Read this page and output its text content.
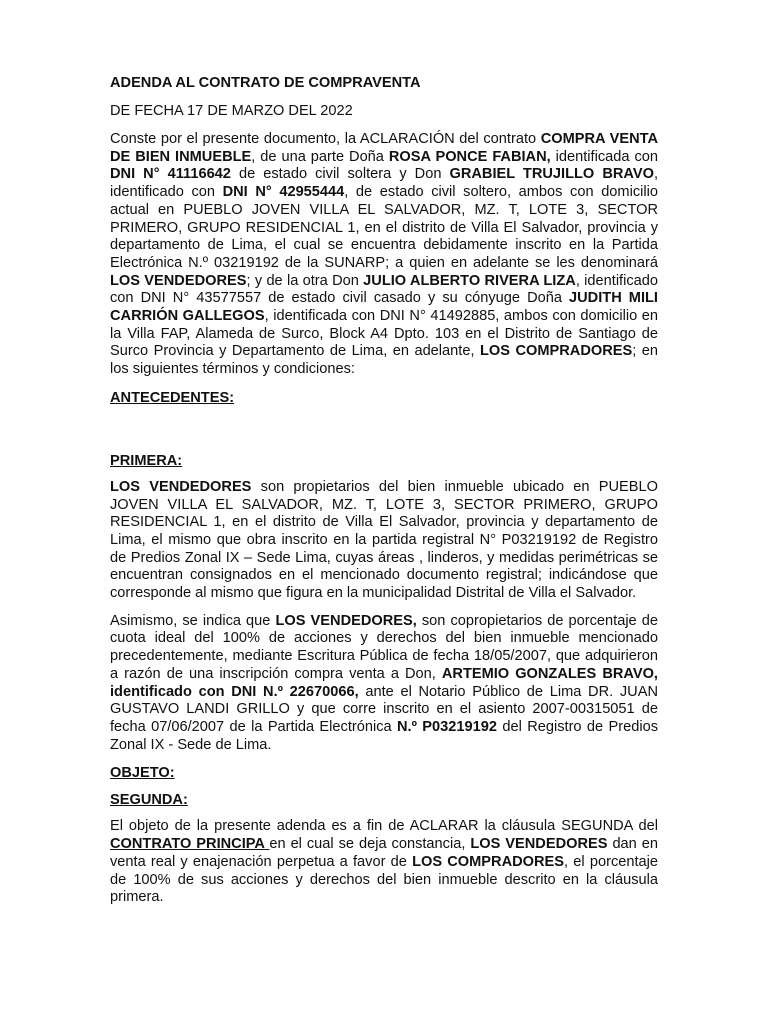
ADENDA AL CONTRATO DE COMPRAVENTA
DE FECHA 17 DE MARZO DEL 2022

Conste por el presente documento, la ACLARACIÓN del contrato COMPRA VENTA DE BIEN INMUEBLE, de una parte Doña ROSA PONCE FABIAN, identificada con DNI N° 41116642 de estado civil soltera y Don GRABIEL TRUJILLO BRAVO, identificado con DNI N° 42955444, de estado civil soltero, ambos con domicilio actual en PUEBLO JOVEN VILLA EL SALVADOR, MZ. T, LOTE 3, SECTOR PRIMERO, GRUPO RESIDENCIAL 1, en el distrito de Villa El Salvador, provincia y departamento de Lima, el cual se encuentra debidamente inscrito en la Partida Electrónica N.º 03219192 de la SUNARP; a quien en adelante se les denominará LOS VENDEDORES; y de la otra Don JULIO ALBERTO RIVERA LIZA, identificado con DNI N° 43577557 de estado civil casado y su cónyuge Doña JUDITH MILI CARRIÓN GALLEGOS, identificada con DNI N° 41492885, ambos con domicilio en la Villa FAP, Alameda de Surco, Block A4 Dpto. 103 en el Distrito de Santiago de Surco Provincia y Departamento de Lima, en adelante, LOS COMPRADORES; en los siguientes términos y condiciones:

ANTECEDENTES:
PRIMERA:

LOS VENDEDORES son propietarios del bien inmueble ubicado en PUEBLO JOVEN VILLA EL SALVADOR, MZ. T, LOTE 3, SECTOR PRIMERO, GRUPO RESIDENCIAL 1, en el distrito de Villa El Salvador, provincia y departamento de Lima, el mismo que obra inscrito en la partida registral N° P03219192 de Registro de Predios Zonal IX – Sede Lima, cuyas áreas , linderos, y medidas perimétricas se encuentran consignados en el mencionado documento registral; indicándose que corresponde al mismo que figura en la municipalidad Distrital de Villa el Salvador.

Asimismo, se indica que LOS VENDEDORES, son copropietarios de porcentaje de cuota ideal del 100% de acciones y derechos del bien inmueble mencionado precedentemente, mediante Escritura Pública de fecha 18/05/2007, que adquirieron a razón de una inscripción compra venta a Don, ARTEMIO GONZALES BRAVO, identificado con DNI N.º 22670066, ante el Notario Público de Lima DR. JUAN GUSTAVO LANDI GRILLO y que corre inscrito en el asiento 2007-00315051 de fecha 07/06/2007 de la Partida Electrónica N.º P03219192 del Registro de Predios Zonal IX - Sede de Lima.

OBJETO:
SEGUNDA:

El objeto de la presente adenda es a fin de ACLARAR la cláusula SEGUNDA del CONTRATO PRINCIPA en el cual se deja constancia, LOS VENDEDORES dan en venta real y enajenación perpetua a favor de LOS COMPRADORES, el porcentaje de 100% de sus acciones y derechos del bien inmueble descrito en la cláusula primera.
